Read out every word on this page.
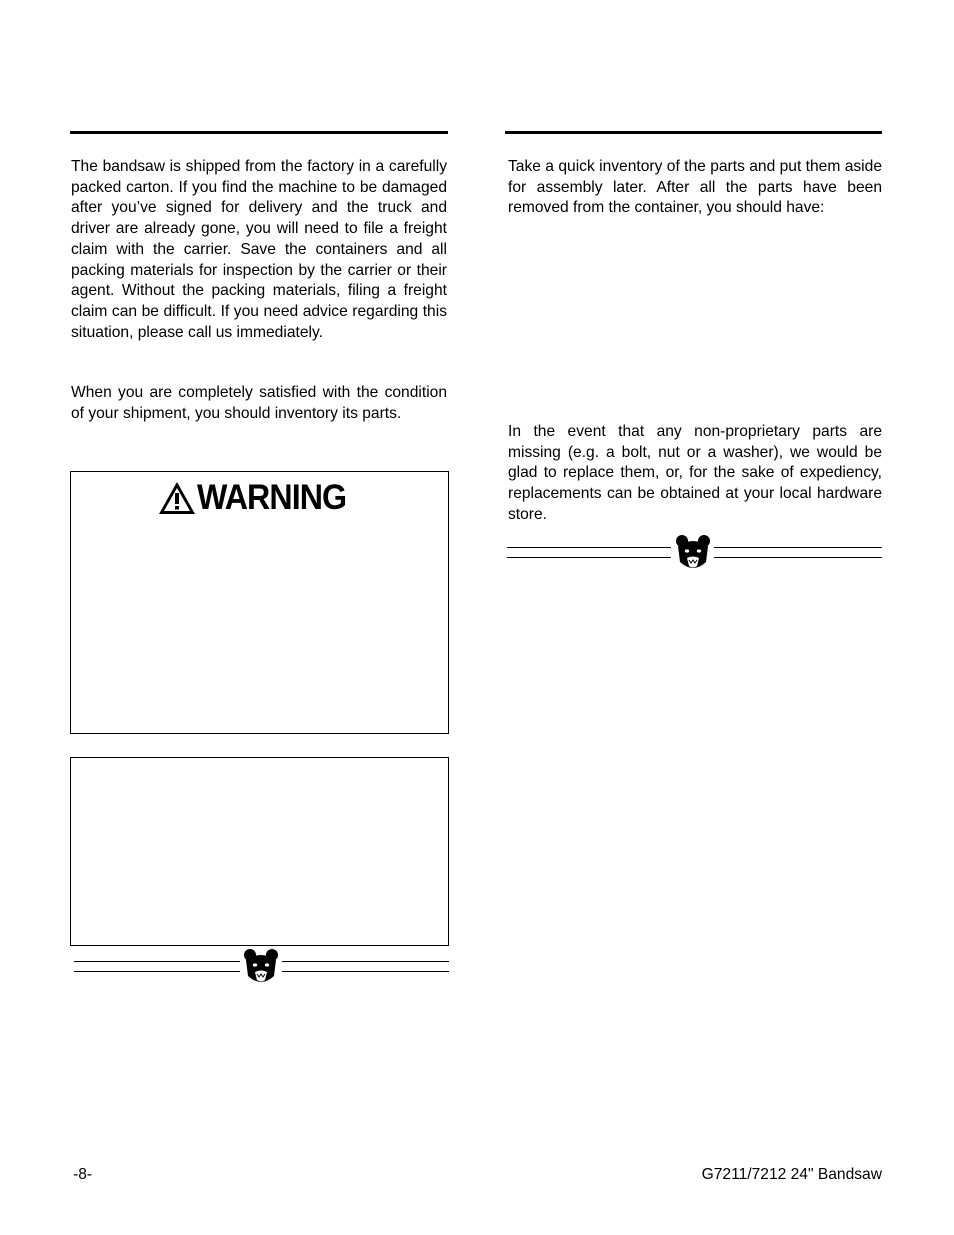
The bandsaw is shipped from the factory in a carefully packed carton. If you find the machine to be damaged after you’ve signed for delivery and the truck and driver are already gone, you will need to file a freight claim with the carrier. Save the containers and all packing materials for inspection by the carrier or their agent. Without the packing materials, filing a freight claim can be difficult. If you need advice regarding this situation, please call us immediately.

When you are completely satisfied with the condition of your shipment, you should inventory its parts.

WARNING

Take a quick inventory of the parts and put them aside for assembly later. After all the parts have been removed from the container, you should have:

In the event that any non-proprietary parts are missing (e.g. a bolt, nut or a washer), we would be glad to replace them, or, for the sake of expediency, replacements can be obtained at your local hardware store.

-8-	G7211/7212 24" Bandsaw
